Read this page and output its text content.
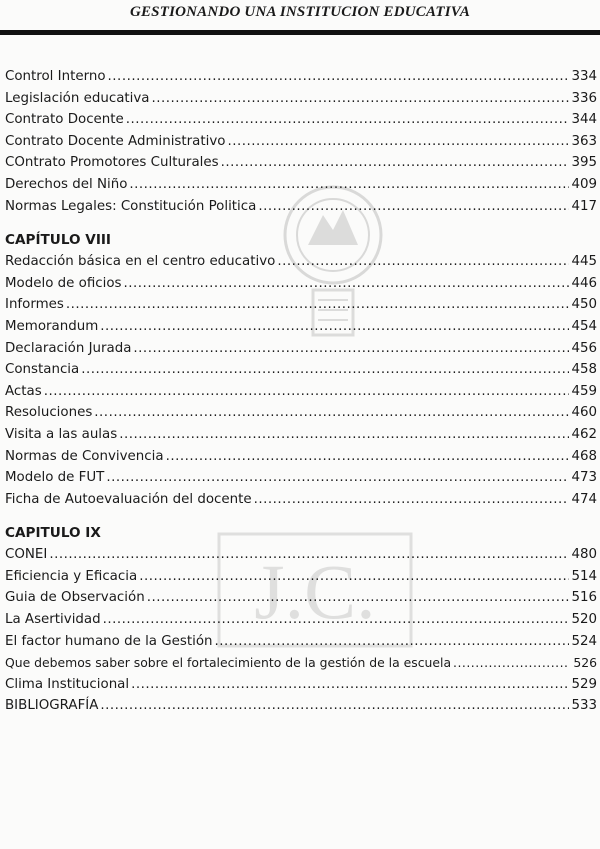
GESTIONANDO UNA INSTITUCION EDUCATIVA
J.C.
Control Interno .....	334
Legislación educativa .....	336
Contrato Docente .....	344
Contrato Docente Administrativo .....	363
COntrato Promotores Culturales .....	395
Derechos del Niño .....	409
Normas Legales: Constitución Politica .....	417
CAPÍTULO VIII
Redacción básica en el centro educativo .....	445
Modelo de oficios .....	446
Informes .....	450
Memorandum .....	454
Declaración Jurada .....	456
Constancia .....	458
Actas .....	459
Resoluciones .....	460
Visita a las aulas .....	462
Normas de Convivencia .....	468
Modelo de FUT .....	473
Ficha de Autoevaluación del docente .....	474
CAPITULO IX
CONEI .....	480
Eficiencia y Eficacia .....	514
Guia de Observación .....	516
La Asertividad .....	520
El factor humano de la Gestión .....	524
Que debemos saber sobre el fortalecimiento de la gestión de la escuela .....	526
Clima Institucional .....	529
BIBLIOGRAFÍA .....	533
